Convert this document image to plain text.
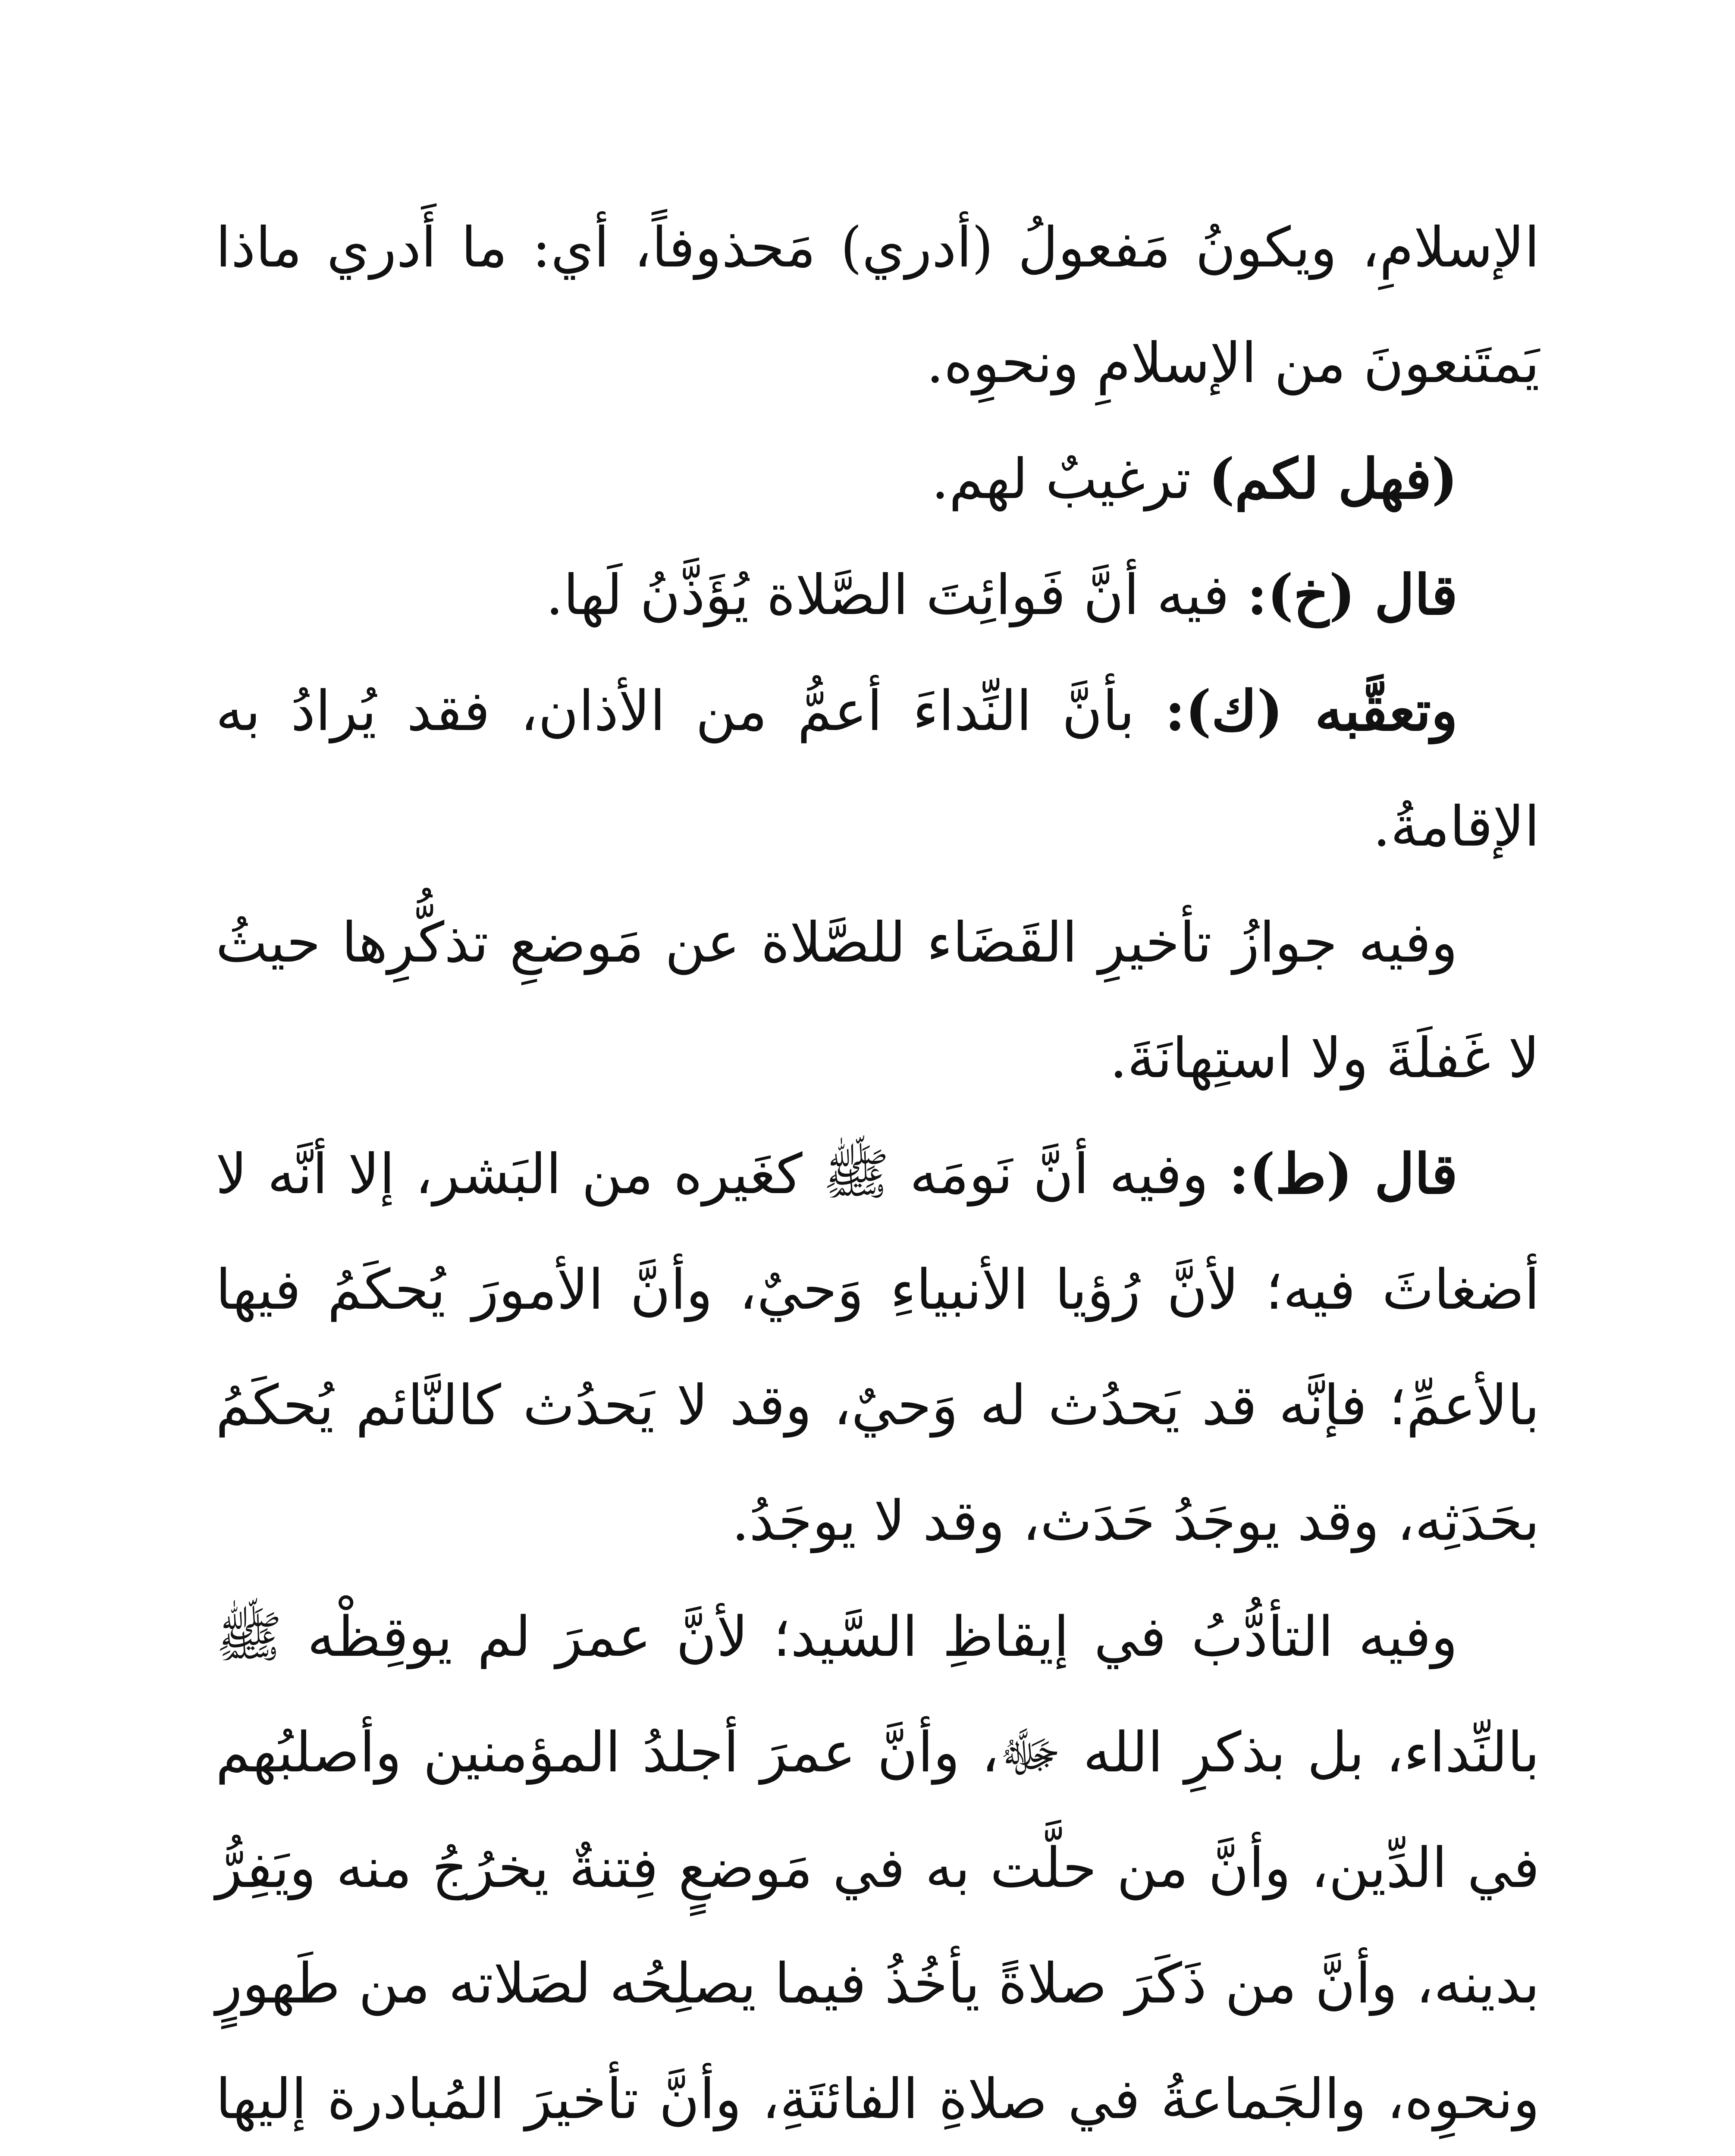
الإسلامِ، ويكونُ مَفعولُ (أدري) مَحذوفاً، أي: ما أَدري ماذا يَمتَنعونَ من الإسلامِ ونحوِه.

(فهل لكم) ترغيبٌ لهم.

قال (خ): فيه أنَّ فَوائِتَ الصَّلاة يُؤَذَّنُ لَها.

وتعقَّبه (ك): بأنَّ النِّداءَ أعمُّ من الأذان، فقد يُرادُ به الإقامةُ.

وفيه جوازُ تأخيرِ القَضَاء للصَّلاة عن مَوضعِ تذكُّرِها حيثُ لا غَفلَةَ ولا استِهانَةَ.

قال (ط): وفيه أنَّ نَومَه ﷺ كغَيره من البَشر، إلا أنَّه لا أضغاثَ فيه؛ لأنَّ رُؤيا الأنبياءِ وَحيٌ، وأنَّ الأمورَ يُحكَمُ فيها بالأعمِّ؛ فإنَّه قد يَحدُث له وَحيٌ، وقد لا يَحدُث كالنَّائم يُحكَمُ بحَدَثِه، وقد يوجَدُ حَدَث، وقد لا يوجَدُ.

وفيه التأدُّبُ في إيقاظِ السَّيد؛ لأنَّ عمرَ لم يوقِظْه ﷺ بالنِّداء، بل بذكرِ الله ﷻ، وأنَّ عمرَ أجلدُ المؤمنين وأصلبُهم في الدِّين، وأنَّ من حلَّت به في مَوضعٍ فِتنةٌ يخرُجُ منه ويَفِرُّ بدينه، وأنَّ من ذَكَرَ صلاةً يأخُذُ فيما يصلِحُه لصَلاته من طَهورٍ ونحوِه، والجَماعةُ في صلاةِ الفائتَةِ، وأنَّ تأخيرَ المُبادرة إليها
